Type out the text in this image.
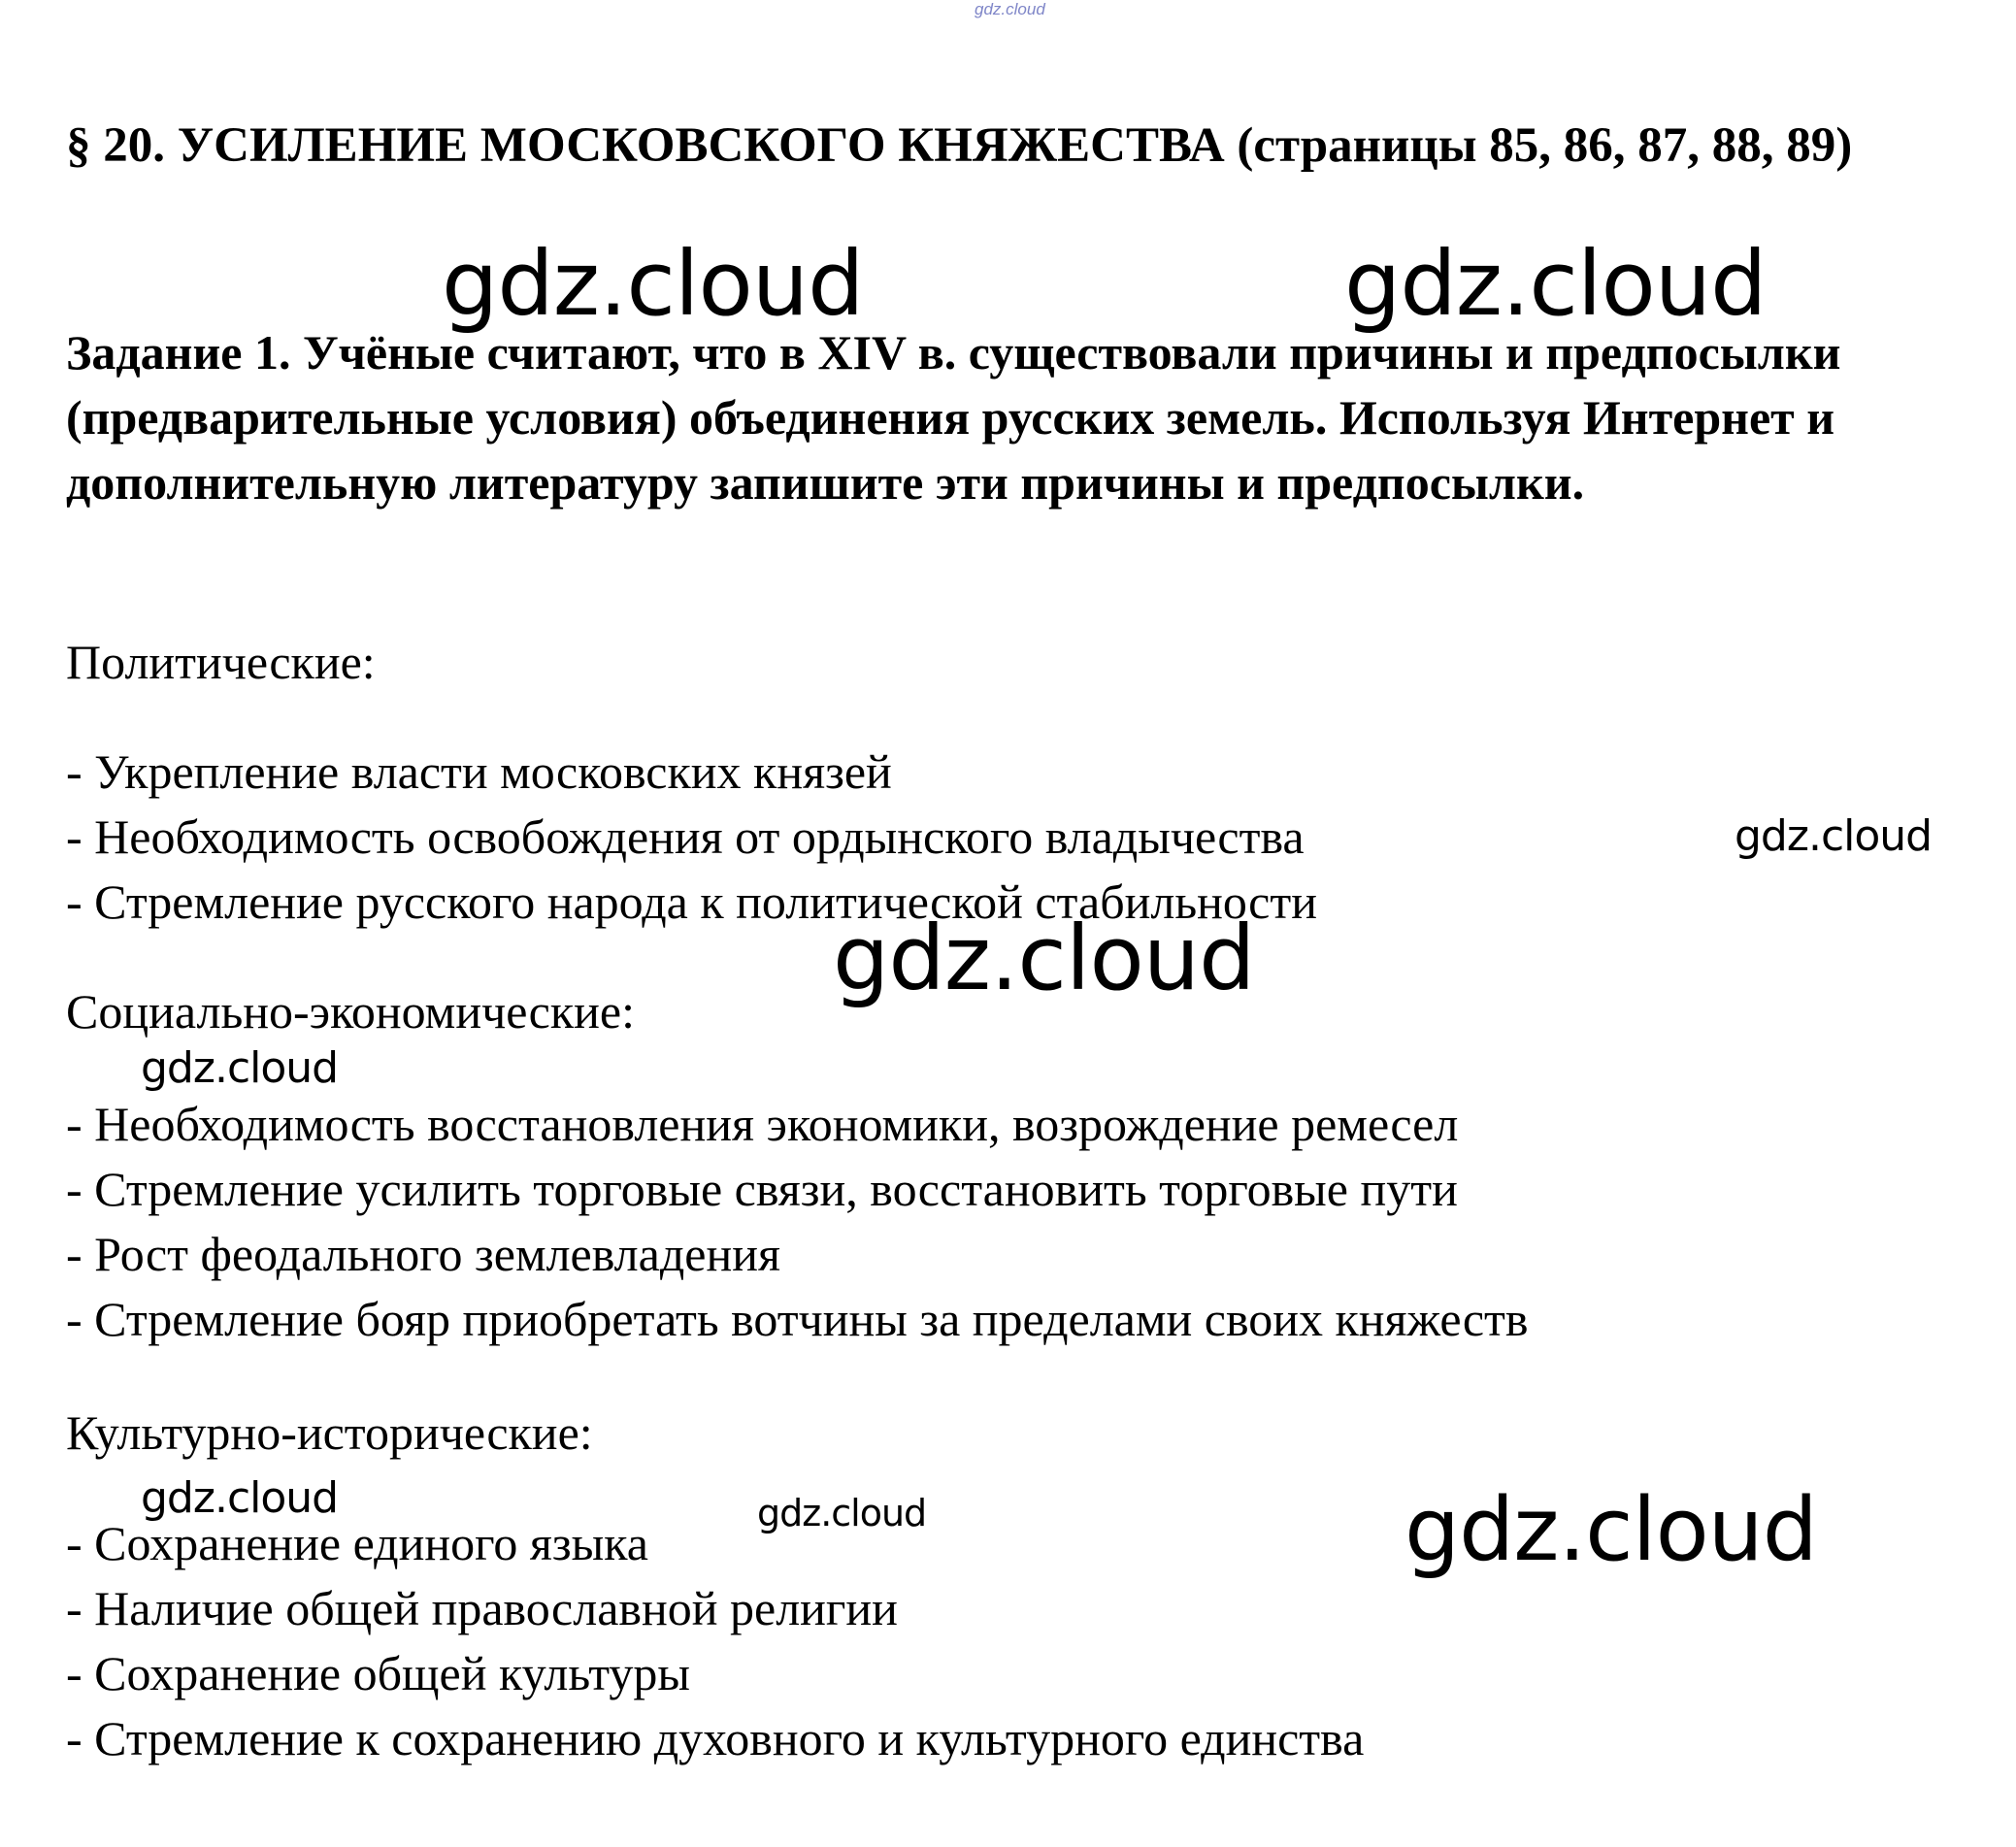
gdz.cloud
§ 20. УСИЛЕНИЕ МОСКОВСКОГО КНЯЖЕСТВА (страницы 85, 86, 87, 88, 89)
Задание 1. Учёные считают, что в XIV в. существовали причины и предпосылки (предварительные условия) объединения русских земель. Используя Интернет и дополнительную литературу запишите эти причины и предпосылки.
Политические:
- Укрепление власти московских князей
- Необходимость освобождения от ордынского владычества
- Стремление русского народа к политической стабильности
Социально-экономические:
- Необходимость восстановления экономики, возрождение ремесел
- Стремление усилить торговые связи, восстановить торговые пути
- Рост феодального землевладения
- Стремление бояр приобретать вотчины за пределами своих княжеств
Культурно-исторические:
- Сохранение единого языка
- Наличие общей православной религии
- Сохранение общей культуры
- Стремление к сохранению духовного и культурного единства
gdz.cloud	gdz.cloud
gdz.cloud
gdz.cloud
gdz.cloud
gdz.cloud	gdz.cloud	gdz.cloud
